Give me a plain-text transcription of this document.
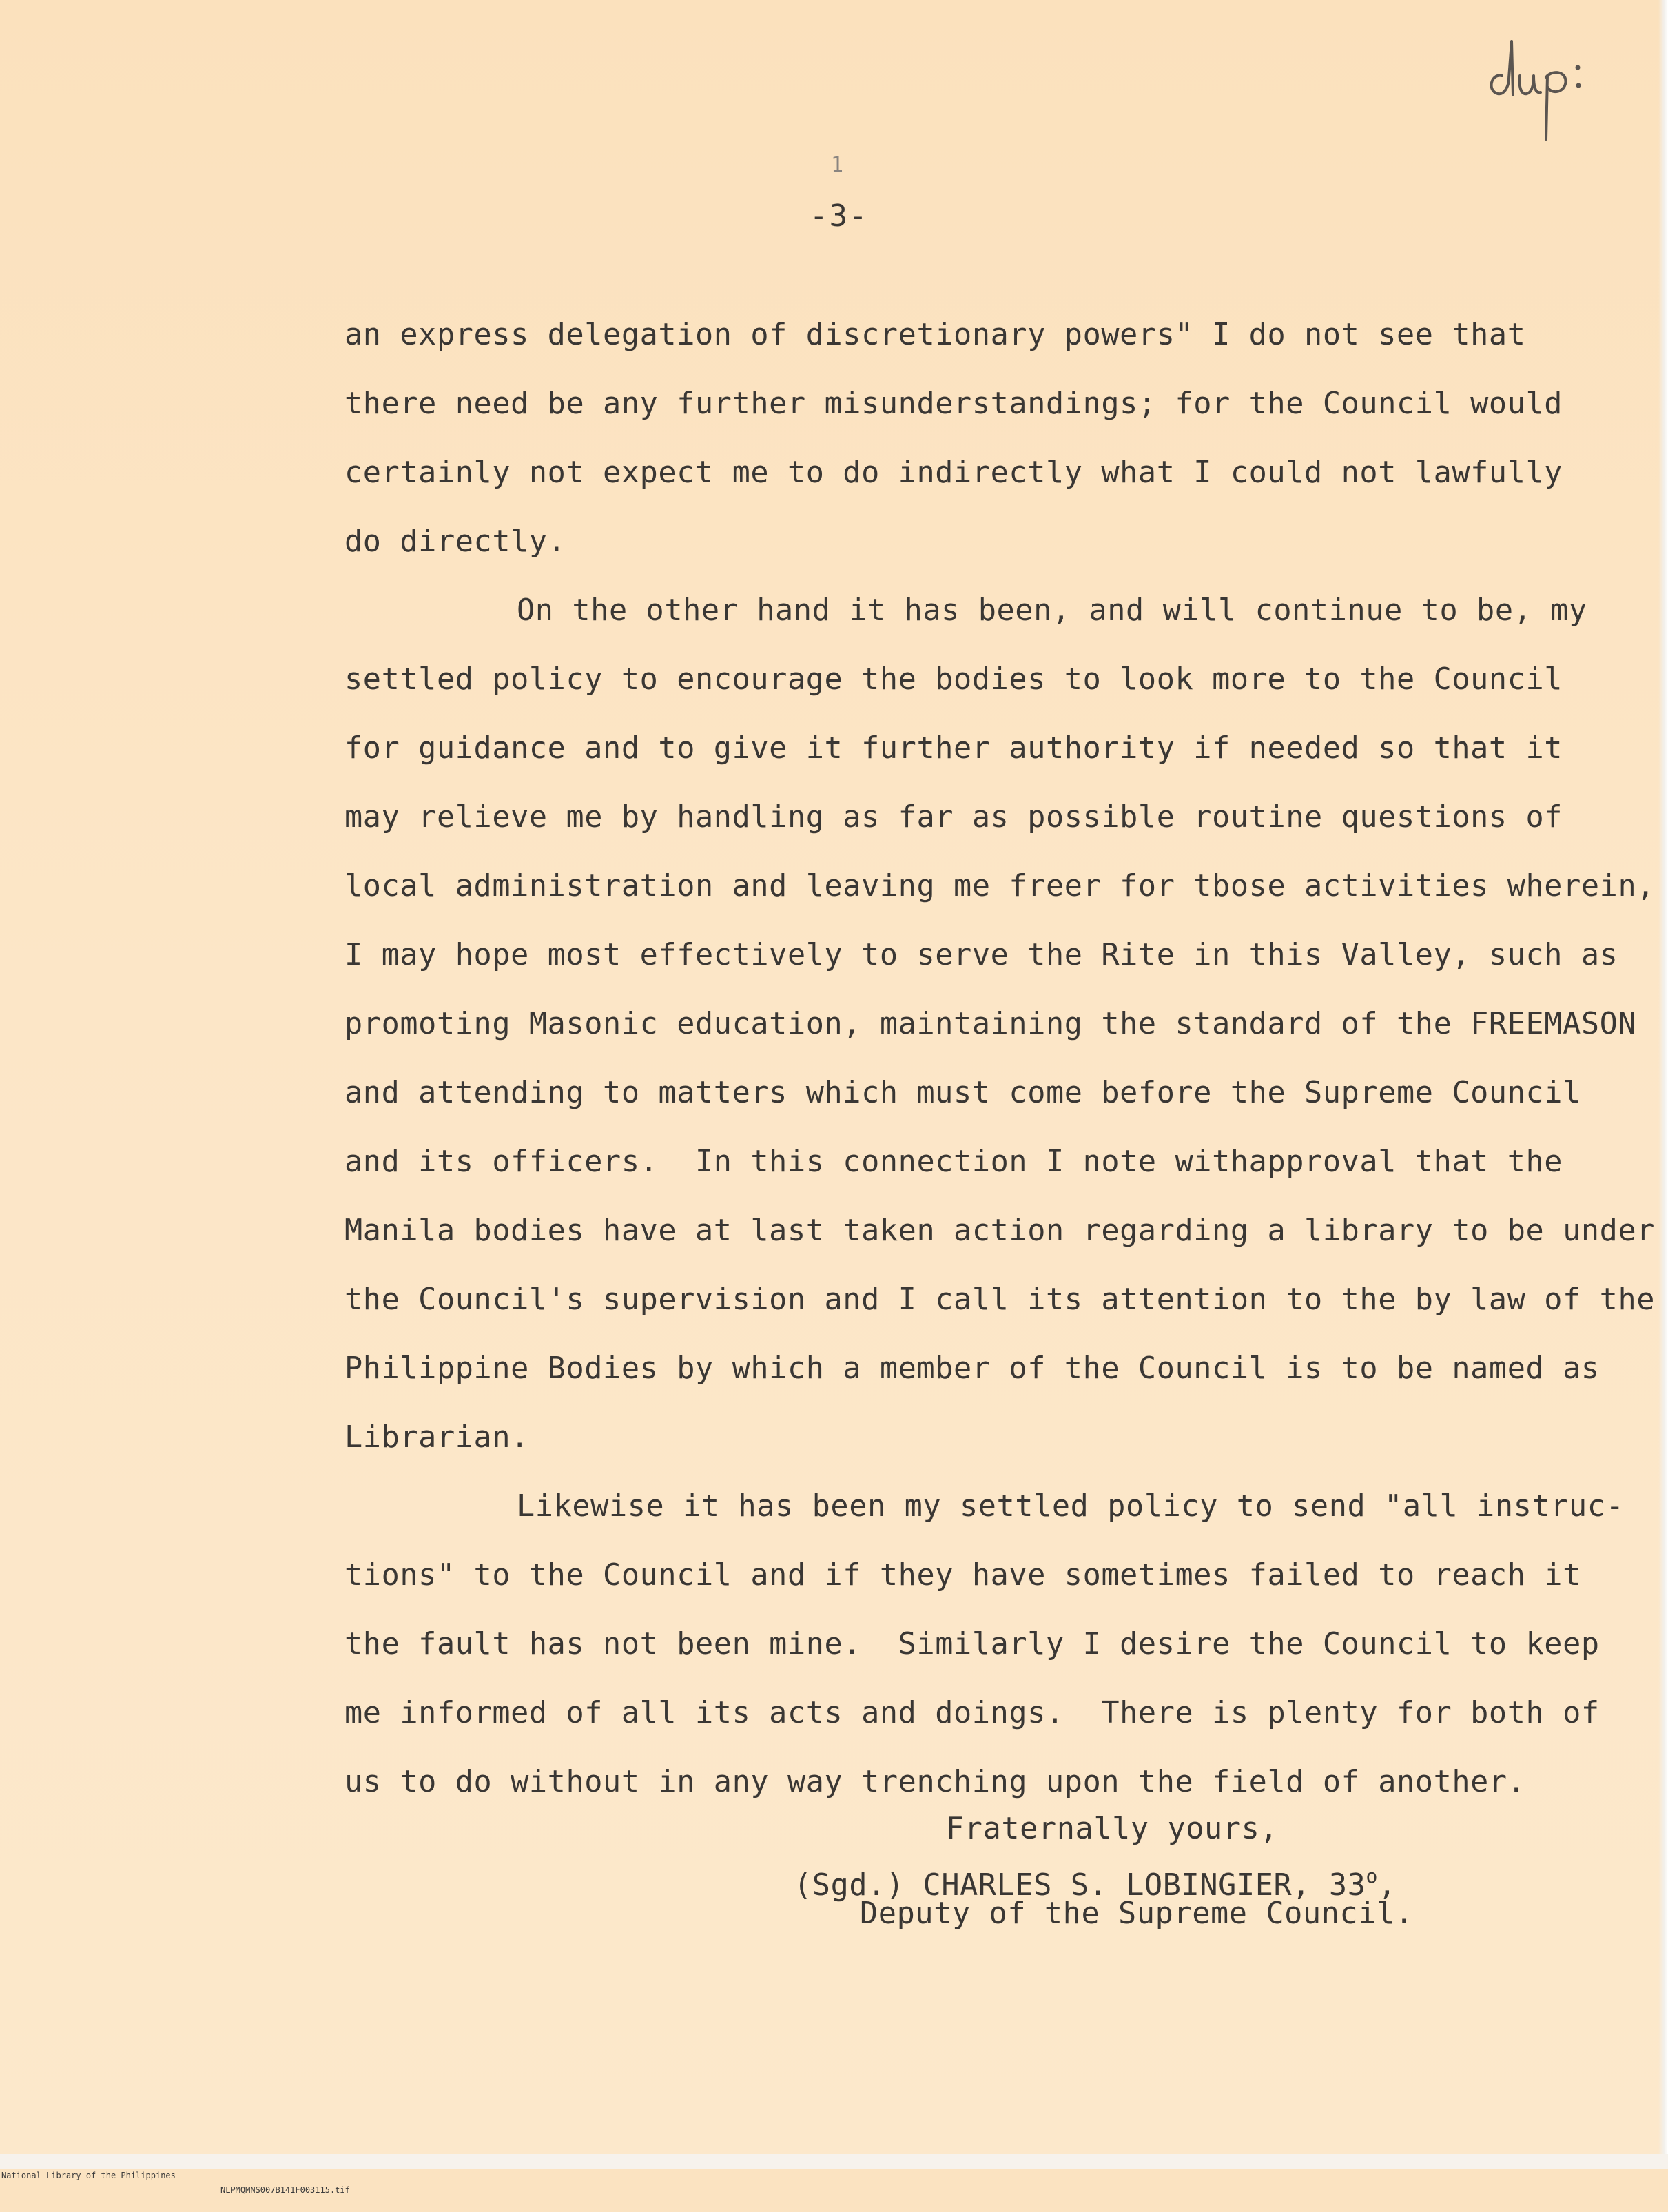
1
-3-
an express delegation of discretionary powers" I do not see that
there need be any further misunderstandings; for the Council would
certainly not expect me to do indirectly what I could not lawfully
do directly.
On the other hand it has been, and will continue to be, my
settled policy to encourage the bodies to look more to the Council
for guidance and to give it further authority if needed so that it
may relieve me by handling as far as possible routine questions of
local administration and leaving me freer for tbose activities wherein,
I may hope most effectively to serve the Rite in this Valley, such as
promoting Masonic education, maintaining the standard of the FREEMASON
and attending to matters which must come before the Supreme Council
and its officers.  In this connection I note withapproval that the
Manila bodies have at last taken action regarding a library to be under
the Council's supervision and I call its attention to the by law of the
Philippine Bodies by which a member of the Council is to be named as
Librarian.
Likewise it has been my settled policy to send "all instruc-
tions" to the Council and if they have sometimes failed to reach it
the fault has not been mine.  Similarly I desire the Council to keep
me informed of all its acts and doings.  There is plenty for both of
us to do without in any way trenching upon the field of another.
Fraternally yours,
(Sgd.) CHARLES S. LOBINGIER, 33$^o$,
Deputy of the Supreme Council.

National Library of the Philippines

NLPMQMNS007B141F003115.tif
